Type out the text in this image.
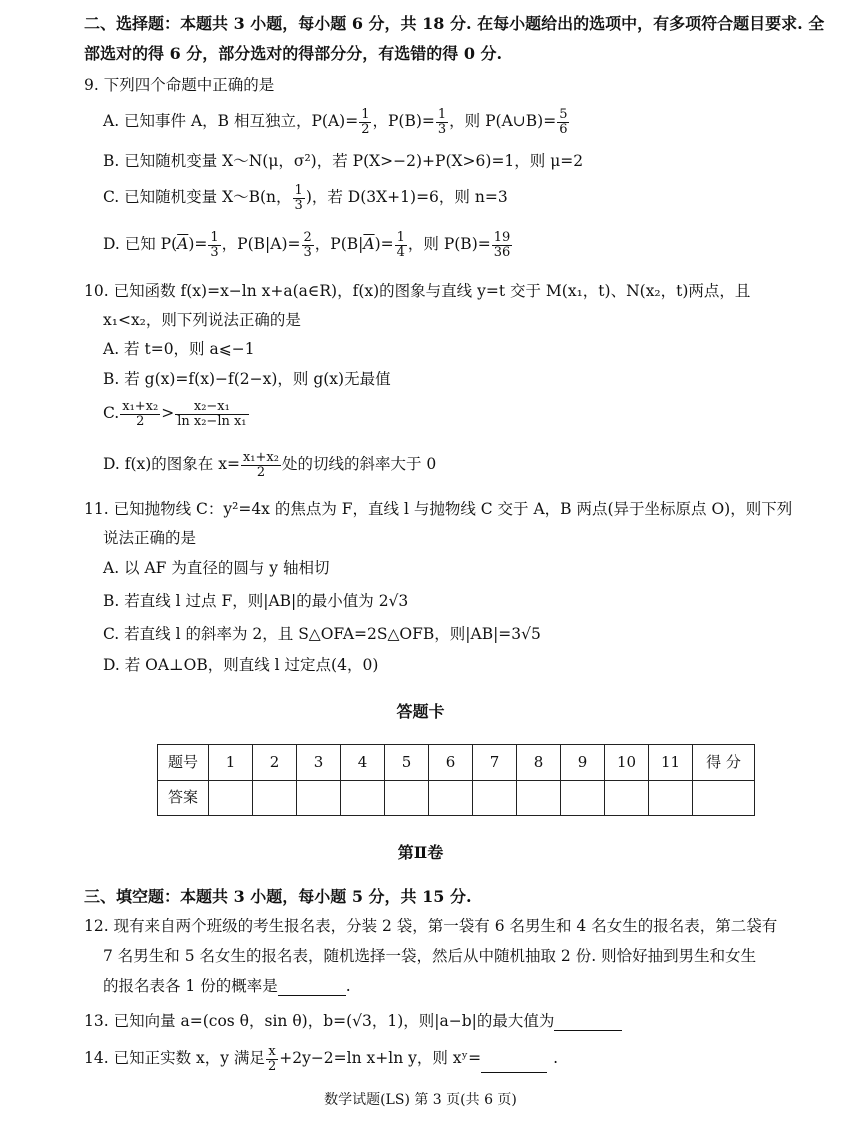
二、选择题：本题共 3 小题，每小题 6 分，共 18 分. 在每小题给出的选项中，有多项符合题目要求. 全
部选对的得 6 分，部分选对的得部分分，有选错的得 0 分.
9. 下列四个命题中正确的是
A. 已知事件 A，B 相互独立，$P(A)= \frac{1}{2}$ ，$P(B)= \frac{1}{3}$ ，则 P(A∪B)= $\frac{5}{6}$
B. 已知随机变量 X～N(μ，σ²)，若 P(X>−2)+P(X>6)=1，则 μ=2
C. 已知随机变量 X～B(n， $\frac{1}{3}$ )，若 D(3X+1)=6，则 n=3
D. 已知 $P(\overline{A})= \frac{1}{3}$ ，$P(B|A)= \frac{2}{3}$ ，$P(B|\overline{A})= \frac{1}{4}$ ，则 $P(B)= \frac{19}{36}$
10. 已知函数 f(x)=x−ln x+a(a∈R)，f(x)的图象与直线 y=t 交于 M(x₁，t)、N(x₂，t)两点，且
x₁<x₂，则下列说法正确的是
A. 若 t=0，则 a⩽−1
B. 若 g(x)=f(x)−f(2−x)，则 g(x)无最值
C. $\frac{\text{x₁+x₂}}{2} > \frac{\text{x₂−x₁}}{\text{ln x₂−ln x₁}}$
D. f(x)的图象在 $x= \frac{\text{x₁+x₂}}{2}$ 处的切线的斜率大于 0
11. 已知抛物线 C：y²=4x 的焦点为 F，直线 l 与抛物线 C 交于 A，B 两点(异于坐标原点 O)，则下列
说法正确的是
A. 以 AF 为直径的圆与 y 轴相切
B. 若直线 l 过点 F，则|AB|的最小值为 2√3
C. 若直线 l 的斜率为 2，且 S△OFA=2S△OFB，则|AB|=3√5
D. 若 OA⊥OB，则直线 l 过定点(4，0)
答题卡
题号	1	2	3	4	5	6	7	8	9	10	11	得 分
答案												
第Ⅱ卷
三、填空题：本题共 3 小题，每小题 5 分，共 15 分.
12. 现有来自两个班级的考生报名表，分装 2 袋，第一袋有 6 名男生和 4 名女生的报名表，第二袋有
7 名男生和 5 名女生的报名表，随机选择一袋，然后从中随机抽取 2 份. 则恰好抽到男生和女生
的报名表各 1 份的概率是	.
13. 已知向量 a=(cos θ，sin θ)，b=(√3，1)，则|a−b|的最大值为
14. 已知正实数 x，y 满足 $\frac{x}{2} +2y-2=\ln$ x+ln y，则 xʸ=	.
数学试题(LS) 第 3 页(共 6 页)
